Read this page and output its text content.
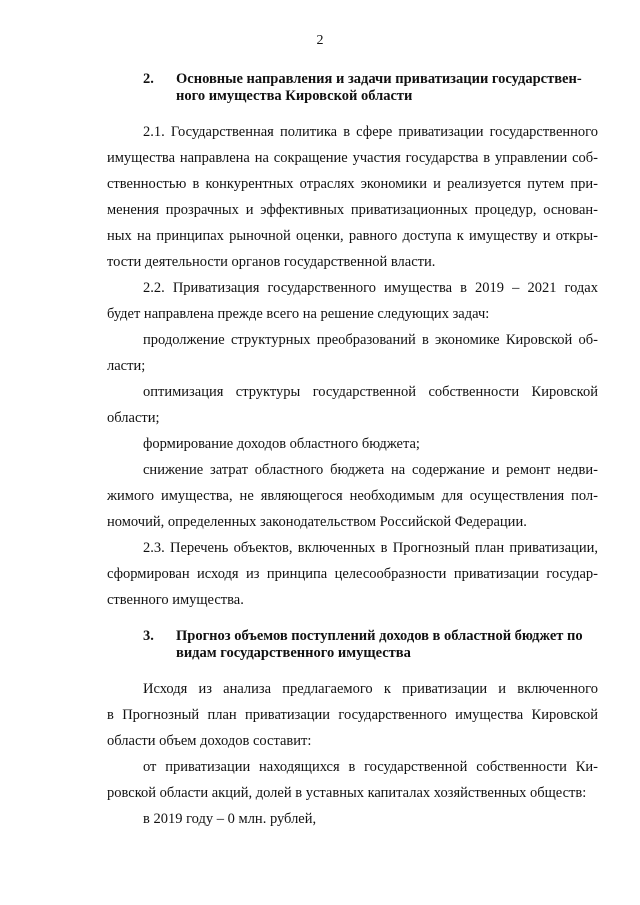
2
2. Основные направления и задачи приватизации государствен-
ного имущества Кировской области
2.1. Государственная политика в сфере приватизации государственного
имущества направлена на сокращение участия государства в управлении соб-
ственностью в конкурентных отраслях экономики и реализуется путем при-
менения прозрачных и эффективных приватизационных процедур, основан-
ных на принципах рыночной оценки, равного доступа к имуществу и откры-
тости деятельности органов государственной власти.
2.2. Приватизация государственного имущества в 2019 – 2021 годах
будет направлена прежде всего на решение следующих задач:
продолжение структурных преобразований в экономике Кировской об-
ласти;
оптимизация структуры государственной собственности Кировской
области;
формирование доходов областного бюджета;
снижение затрат областного бюджета на содержание и ремонт недви-
жимого имущества, не являющегося необходимым для осуществления пол-
номочий, определенных законодательством Российской Федерации.
2.3. Перечень объектов, включенных в Прогнозный план приватизации,
сформирован исходя из принципа целесообразности приватизации государ-
ственного имущества.
3.	Прогноз объемов поступлений доходов в областной бюджет по
видам государственного имущества
Исходя из анализа предлагаемого к приватизации и включенного
в Прогнозный план приватизации государственного имущества Кировской
области объем доходов составит:
от приватизации находящихся в государственной собственности Ки-
ровской области акций, долей в уставных капиталах хозяйственных обществ:
в 2019 году – 0 млн. рублей,
